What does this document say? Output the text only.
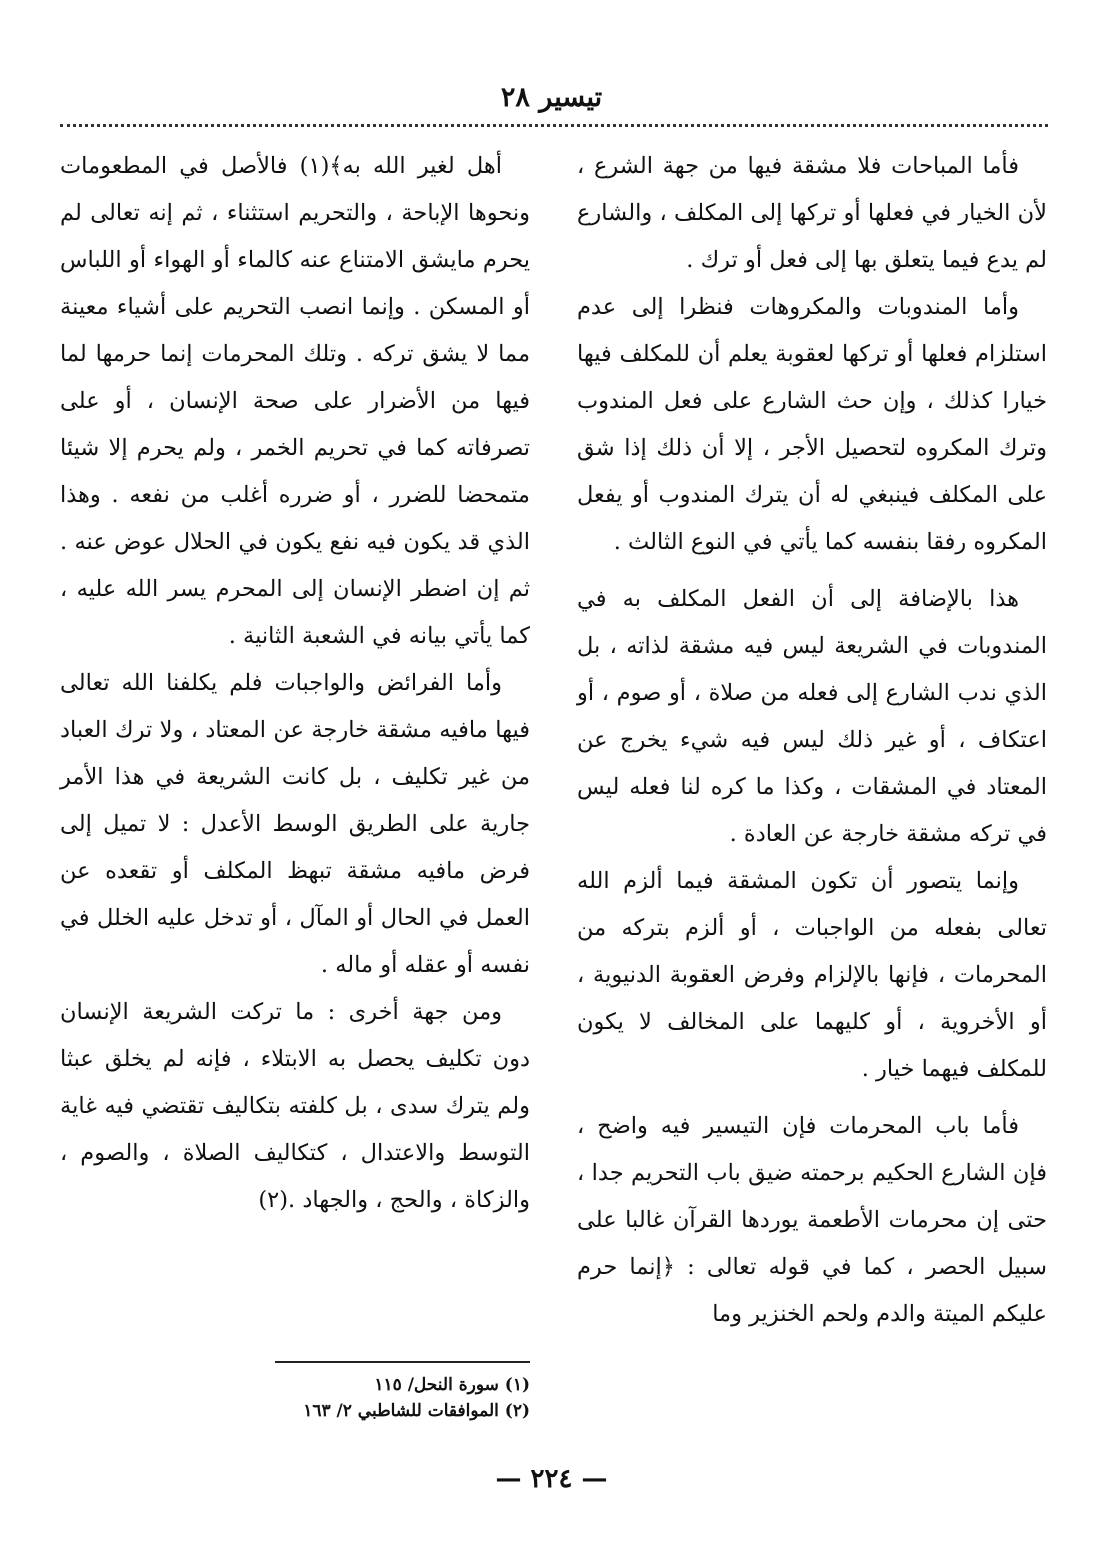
تيسير ٢٨

فأما المباحات فلا مشقة فيها من جهة الشرع ، لأن الخيار في فعلها أو تركها إلى المكلف ، والشارع لم يدع فيما يتعلق بها إلى فعل أو ترك .

وأما المندوبات والمكروهات فنظرا إلى عدم استلزام فعلها أو تركها لعقوبة يعلم أن للمكلف فيها خيارا كذلك ، وإن حث الشارع على فعل المندوب وترك المكروه لتحصيل الأجر ، إلا أن ذلك إذا شق على المكلف فينبغي له أن يترك المندوب أو يفعل المكروه رفقا بنفسه كما يأتي في النوع الثالث .

هذا بالإضافة إلى أن الفعل المكلف به في المندوبات في الشريعة ليس فيه مشقة لذاته ، بل الذي ندب الشارع إلى فعله من صلاة ، أو صوم ، أو اعتكاف ، أو غير ذلك ليس فيه شيء يخرج عن المعتاد في المشقات ، وكذا ما كره لنا فعله ليس في تركه مشقة خارجة عن العادة .

وإنما يتصور أن تكون المشقة فيما ألزم الله تعالى بفعله من الواجبات ، أو ألزم بتركه من المحرمات ، فإنها بالإلزام وفرض العقوبة الدنيوية ، أو الأخروية ، أو كليهما على المخالف لا يكون للمكلف فيهما خيار .

فأما باب المحرمات فإن التيسير فيه واضح ، فإن الشارع الحكيم برحمته ضيق باب التحريم جدا ، حتى إن محرمات الأطعمة يوردها القرآن غالبا على سبيل الحصر ، كما في قوله تعالى : ﴿إنما حرم عليكم الميتة والدم ولحم الخنزير وما

أهل لغير الله به﴾(١) فالأصل في المطعومات ونحوها الإباحة ، والتحريم استثناء ، ثم إنه تعالى لم يحرم مايشق الامتناع عنه كالماء أو الهواء أو اللباس أو المسكن . وإنما انصب التحريم على أشياء معينة مما لا يشق تركه . وتلك المحرمات إنما حرمها لما فيها من الأضرار على صحة الإنسان ، أو على تصرفاته كما في تحريم الخمر ، ولم يحرم إلا شيئا متمحضا للضرر ، أو ضرره أغلب من نفعه . وهذا الذي قد يكون فيه نفع يكون في الحلال عوض عنه . ثم إن اضطر الإنسان إلى المحرم يسر الله عليه ، كما يأتي بيانه في الشعبة الثانية .

وأما الفرائض والواجبات فلم يكلفنا الله تعالى فيها مافيه مشقة خارجة عن المعتاد ، ولا ترك العباد من غير تكليف ، بل كانت الشريعة في هذا الأمر جارية على الطريق الوسط الأعدل : لا تميل إلى فرض مافيه مشقة تبهظ المكلف أو تقعده عن العمل في الحال أو المآل ، أو تدخل عليه الخلل في نفسه أو عقله أو ماله .

ومن جهة أخرى : ما تركت الشريعة الإنسان دون تكليف يحصل به الابتلاء ، فإنه لم يخلق عبثا ولم يترك سدى ، بل كلفته بتكاليف تقتضي فيه غاية التوسط والاعتدال ، كتكاليف الصلاة ، والصوم ، والزكاة ، والحج ، والجهاد .(٢)

(١) سورة النحل/ ١١٥
(٢) الموافقات للشاطبي ٢/ ١٦٣
— ٢٢٤ —
